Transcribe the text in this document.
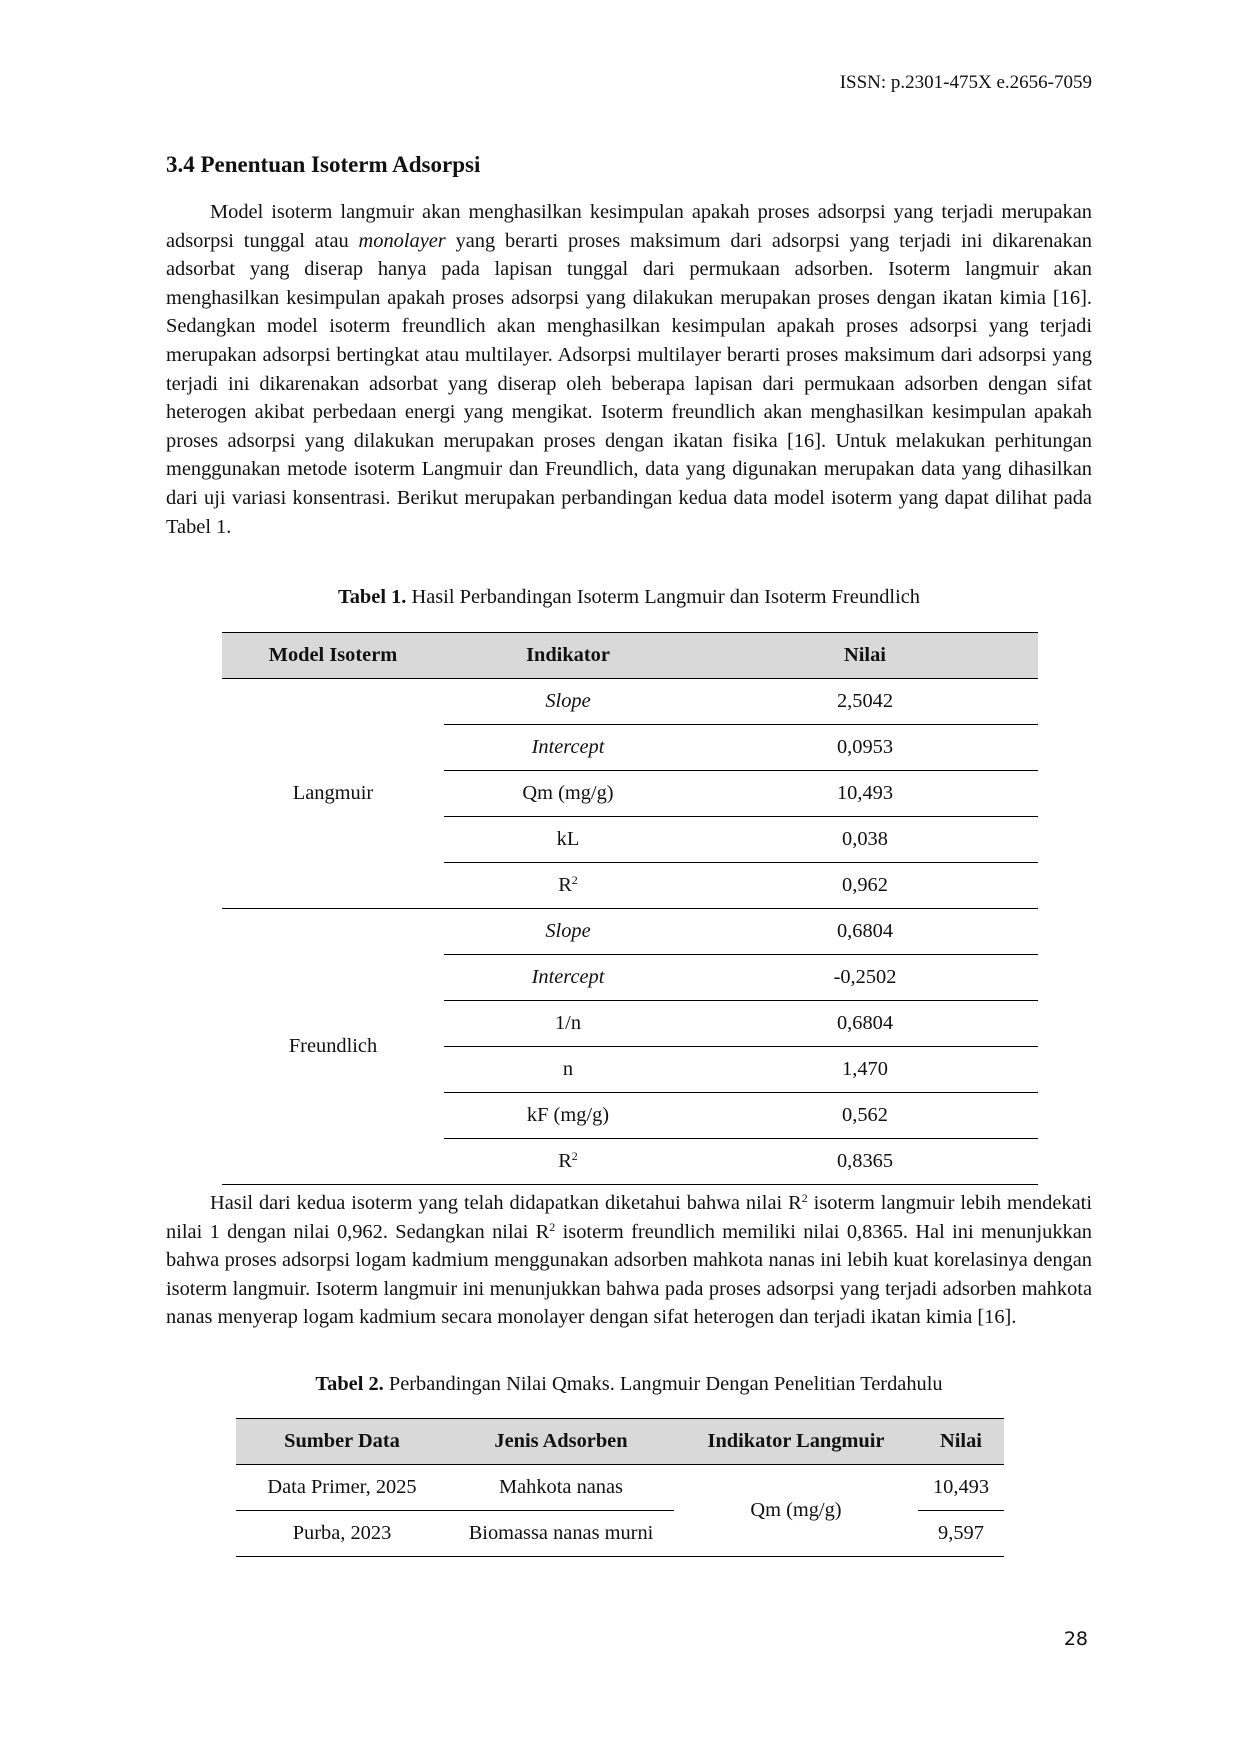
ISSN: p.2301-475X e.2656-7059
3.4 Penentuan Isoterm Adsorpsi

Model isoterm langmuir akan menghasilkan kesimpulan apakah proses adsorpsi yang terjadi merupakan adsorpsi tunggal atau monolayer yang berarti proses maksimum dari adsorpsi yang terjadi ini dikarenakan adsorbat yang diserap hanya pada lapisan tunggal dari permukaan adsorben. Isoterm langmuir akan menghasilkan kesimpulan apakah proses adsorpsi yang dilakukan merupakan proses dengan ikatan kimia [16]. Sedangkan model isoterm freundlich akan menghasilkan kesimpulan apakah proses adsorpsi yang terjadi merupakan adsorpsi bertingkat atau multilayer. Adsorpsi multilayer berarti proses maksimum dari adsorpsi yang terjadi ini dikarenakan adsorbat yang diserap oleh beberapa lapisan dari permukaan adsorben dengan sifat heterogen akibat perbedaan energi yang mengikat. Isoterm freundlich akan menghasilkan kesimpulan apakah proses adsorpsi yang dilakukan merupakan proses dengan ikatan fisika [16]. Untuk melakukan perhitungan menggunakan metode isoterm Langmuir dan Freundlich, data yang digunakan merupakan data yang dihasilkan dari uji variasi konsentrasi. Berikut merupakan perbandingan kedua data model isoterm yang dapat dilihat pada Tabel 1.

Tabel 1. Hasil Perbandingan Isoterm Langmuir dan Isoterm Freundlich

Model Isoterm	Indikator	Nilai
Langmuir	Slope	2,5042
	Intercept	0,0953
	Qm (mg/g)	10,493
	kL	0,038
	$R^2$	0,962
Freundlich	Slope	0,6804
	Intercept	-0,2502
	1/n	0,6804
	n	1,470
	kF (mg/g)	0,562
	$R^2$	0,8365

Hasil dari kedua isoterm yang telah didapatkan diketahui bahwa nilai $R^2$ isoterm langmuir lebih mendekati nilai 1 dengan nilai 0,962. Sedangkan nilai $R^2$ isoterm freundlich memiliki nilai 0,8365. Hal ini menunjukkan bahwa proses adsorpsi logam kadmium menggunakan adsorben mahkota nanas ini lebih kuat korelasinya dengan isoterm langmuir. Isoterm langmuir ini menunjukkan bahwa pada proses adsorpsi yang terjadi adsorben mahkota nanas menyerap logam kadmium secara monolayer dengan sifat heterogen dan terjadi ikatan kimia [16].

Tabel 2. Perbandingan Nilai Qmaks. Langmuir Dengan Penelitian Terdahulu

Sumber Data	Jenis Adsorben	Indikator Langmuir	Nilai
Data Primer, 2025	Mahkota nanas	Qm (mg/g)	10,493
Purba, 2023	Biomassa nanas murni		9,597
28
